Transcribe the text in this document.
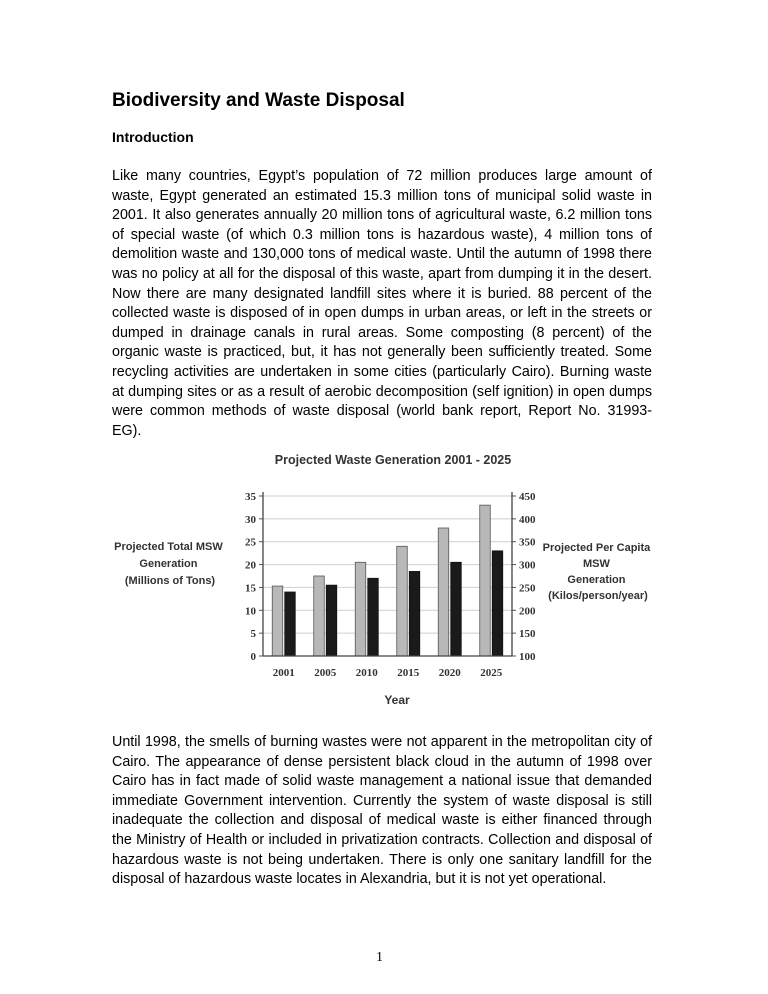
Biodiversity and Waste Disposal
Introduction

Like many countries, Egypt’s population of 72 million produces large amount of waste, Egypt generated an estimated 15.3 million tons of municipal solid waste in 2001. It also generates annually 20 million tons of agricultural waste, 6.2 million tons of special waste (of which 0.3 million tons is hazardous waste), 4 million tons of demolition waste and 130,000 tons of medical waste. Until the autumn of 1998 there was no policy at all for the disposal of this waste, apart from dumping it in the desert. Now there are many designated landfill sites where it is buried. 88 percent of the collected waste is disposed of in open dumps in urban areas, or left in the streets or dumped in drainage canals in rural areas. Some composting (8 percent) of the organic waste is practiced, but, it has not generally been sufficiently treated. Some recycling activities are undertaken in some cities (particularly Cairo). Burning waste at dumping sites or as a result of aerobic decomposition (self ignition) in open dumps were common methods of waste disposal (world bank report, Report No. 31993- EG).

Projected Waste Generation 2001 - 2025
0
5
10
15
20
25
30
35
100
150
200
250
300
350
400
450
2001 2005 2010 2015 2020 2025
Year
Projected Total MSW Generation (Millions of Tons)
Projected Per Capita MSW Generation (Kilos/person/year)

Until 1998, the smells of burning wastes were not apparent in the metropolitan city of Cairo. The appearance of dense persistent black cloud in the autumn of 1998 over Cairo has in fact made of solid waste management a national issue that demanded immediate Government intervention. Currently the system of waste disposal is still inadequate the collection and disposal of medical waste is either financed through the Ministry of Health or included in privatization contracts. Collection and disposal of hazardous waste is not being undertaken. There is only one sanitary landfill for the disposal of hazardous waste locates in Alexandria, but it is not yet operational.

1
